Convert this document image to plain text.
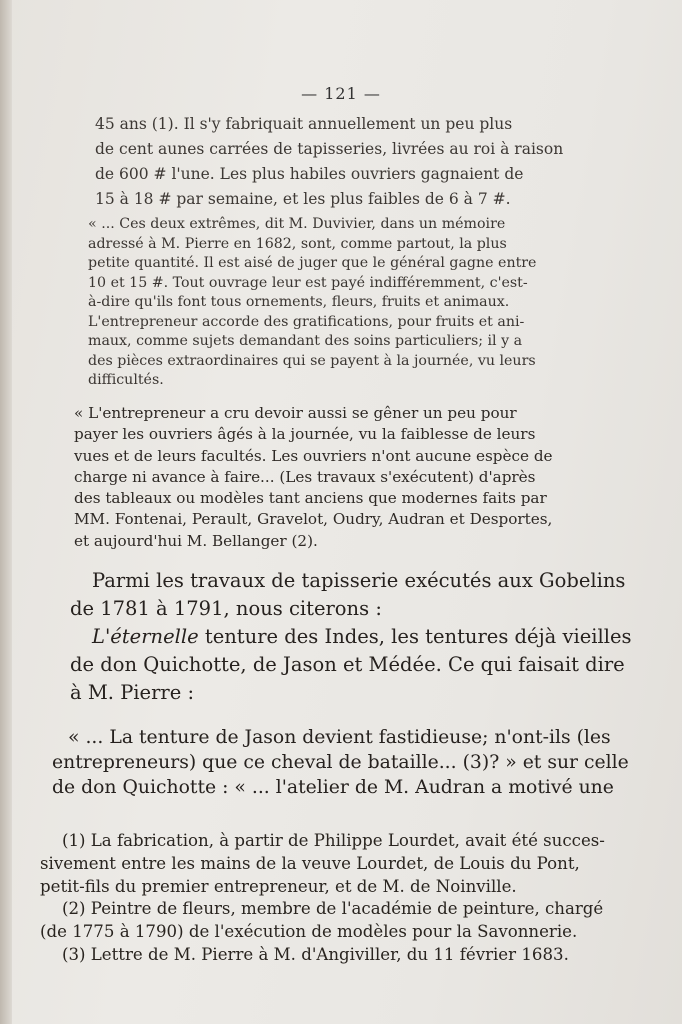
— 121 —
45 ans (1). Il s'y fabriquait annuellement un peu plus
de cent aunes carrées de tapisseries, livrées au roi à raison
de 600 # l'une. Les plus habiles ouvriers gagnaient de
15 à 18 # par semaine, et les plus faibles de 6 à 7 #.
« ... Ces deux extrêmes, dit M. Duvivier, dans un mémoire
adressé à M. Pierre en 1682, sont, comme partout, la plus
petite quantité. Il est aisé de juger que le général gagne entre
10 et 15 #. Tout ouvrage leur est payé indifféremment, c'est-
à-dire qu'ils font tous ornements, fleurs, fruits et animaux.
L'entrepreneur accorde des gratifications, pour fruits et ani-
maux, comme sujets demandant des soins particuliers; il y a
des pièces extraordinaires qui se payent à la journée, vu leurs
difficultés.
« L'entrepreneur a cru devoir aussi se gêner un peu pour
payer les ouvriers âgés à la journée, vu la faiblesse de leurs
vues et de leurs facultés. Les ouvriers n'ont aucune espèce de
charge ni avance à faire... (Les travaux s'exécutent) d'après
des tableaux ou modèles tant anciens que modernes faits par
MM. Fontenai, Perault, Gravelot, Oudry, Audran et Desportes,
et aujourd'hui M. Bellanger (2).
Parmi les travaux de tapisserie exécutés aux Gobelins
de 1781 à 1791, nous citerons :
L'éternelle tenture des Indes, les tentures déjà vieilles
de don Quichotte, de Jason et Médée. Ce qui faisait dire
à M. Pierre :
« ... La tenture de Jason devient fastidieuse; n'ont-ils (les
entrepreneurs) que ce cheval de bataille... (3)? » et sur celle
de don Quichotte : « ... l'atelier de M. Audran a motivé une
(1) La fabrication, à partir de Philippe Lourdet, avait été succes-
sivement entre les mains de la veuve Lourdet, de Louis du Pont,
petit-fils du premier entrepreneur, et de M. de Noinville.
(2) Peintre de fleurs, membre de l'académie de peinture, chargé
(de 1775 à 1790) de l'exécution de modèles pour la Savonnerie.
(3) Lettre de M. Pierre à M. d'Angiviller, du 11 février 1683.
